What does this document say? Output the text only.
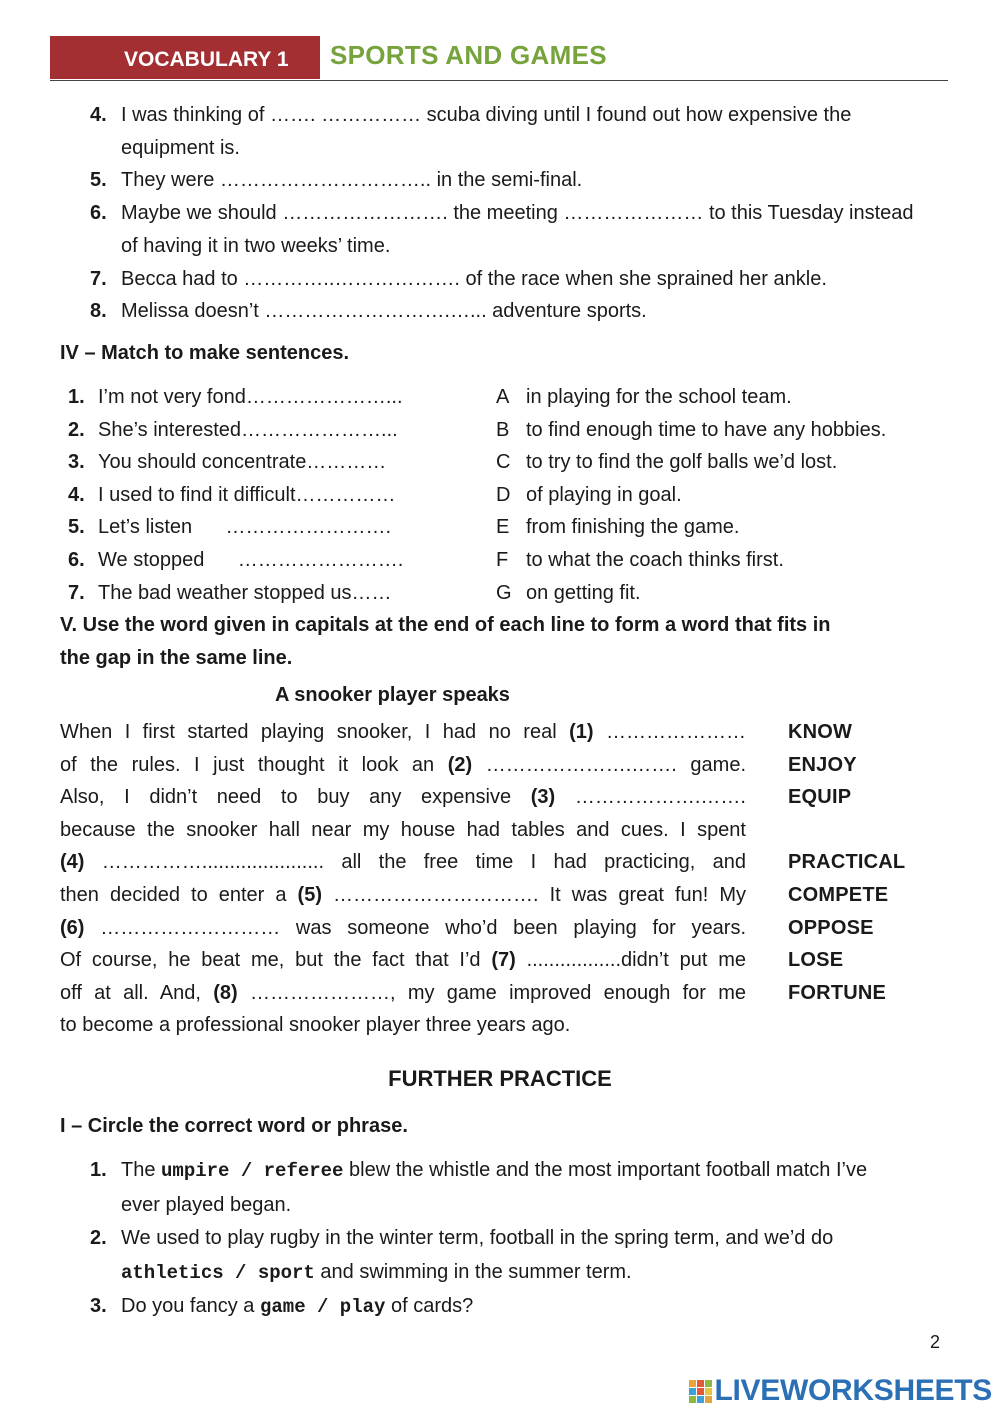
VOCABULARY 1	SPORTS AND GAMES
4. I was thinking of ……. …………… scuba diving until I found out how expensive the equipment is.
5. They were ………………………….. in the semi-final.
6. Maybe we should ……………………. the meeting ………………… to this Tuesday instead of having it in two weeks’ time.
7. Becca had to …………..………………. of the race when she sprained her ankle.
8. Melissa doesn’t ……………………….…... adventure sports.
IV – Match to make sentences.
1. I’m not very fond…………………...	A in playing for the school team.
2. She’s interested…………………...	B to find enough time to have any hobbies.
3. You should concentrate…………	C to try to find the golf balls we’d lost.
4. I used to find it difficult……………	D of playing in goal.
5. Let’s listen      …………………….	E from finishing the game.
6. We stopped      …………………….	F to what the coach thinks first.
7. The bad weather stopped us……	G on getting fit.
V. Use the word given in capitals at the end of each line to form a word that fits in
the gap in the same line.
A snooker player speaks
When I first started playing snooker, I had no real (1) ………………… KNOW
of the rules. I just thought it look an (2) ………………….……. game. ENJOY
Also, I didn’t need to buy any expensive (3) ……………….……. EQUIP
because the snooker hall near my house had tables and cues. I spent
(4) ……………...................... all the free time I had practicing, and PRACTICAL
then decided to enter a (5) …………………………. It was great fun! My COMPETE
(6) ……………………… was someone who’d been playing for years. OPPOSE
Of course, he beat me, but the fact that I’d (7) .................didn’t put me LOSE
off at all. And, (8) …………………, my game improved enough for me FORTUNE
to become a professional snooker player three years ago.
FURTHER PRACTICE
I – Circle the correct word or phrase.
1. The umpire / referee blew the whistle and the most important football match I’ve ever played began.
2. We used to play rugby in the winter term, football in the spring term, and we’d do athletics / sport and swimming in the summer term.
3. Do you fancy a game / play of cards?
2
LIVEWORKSHEETS
